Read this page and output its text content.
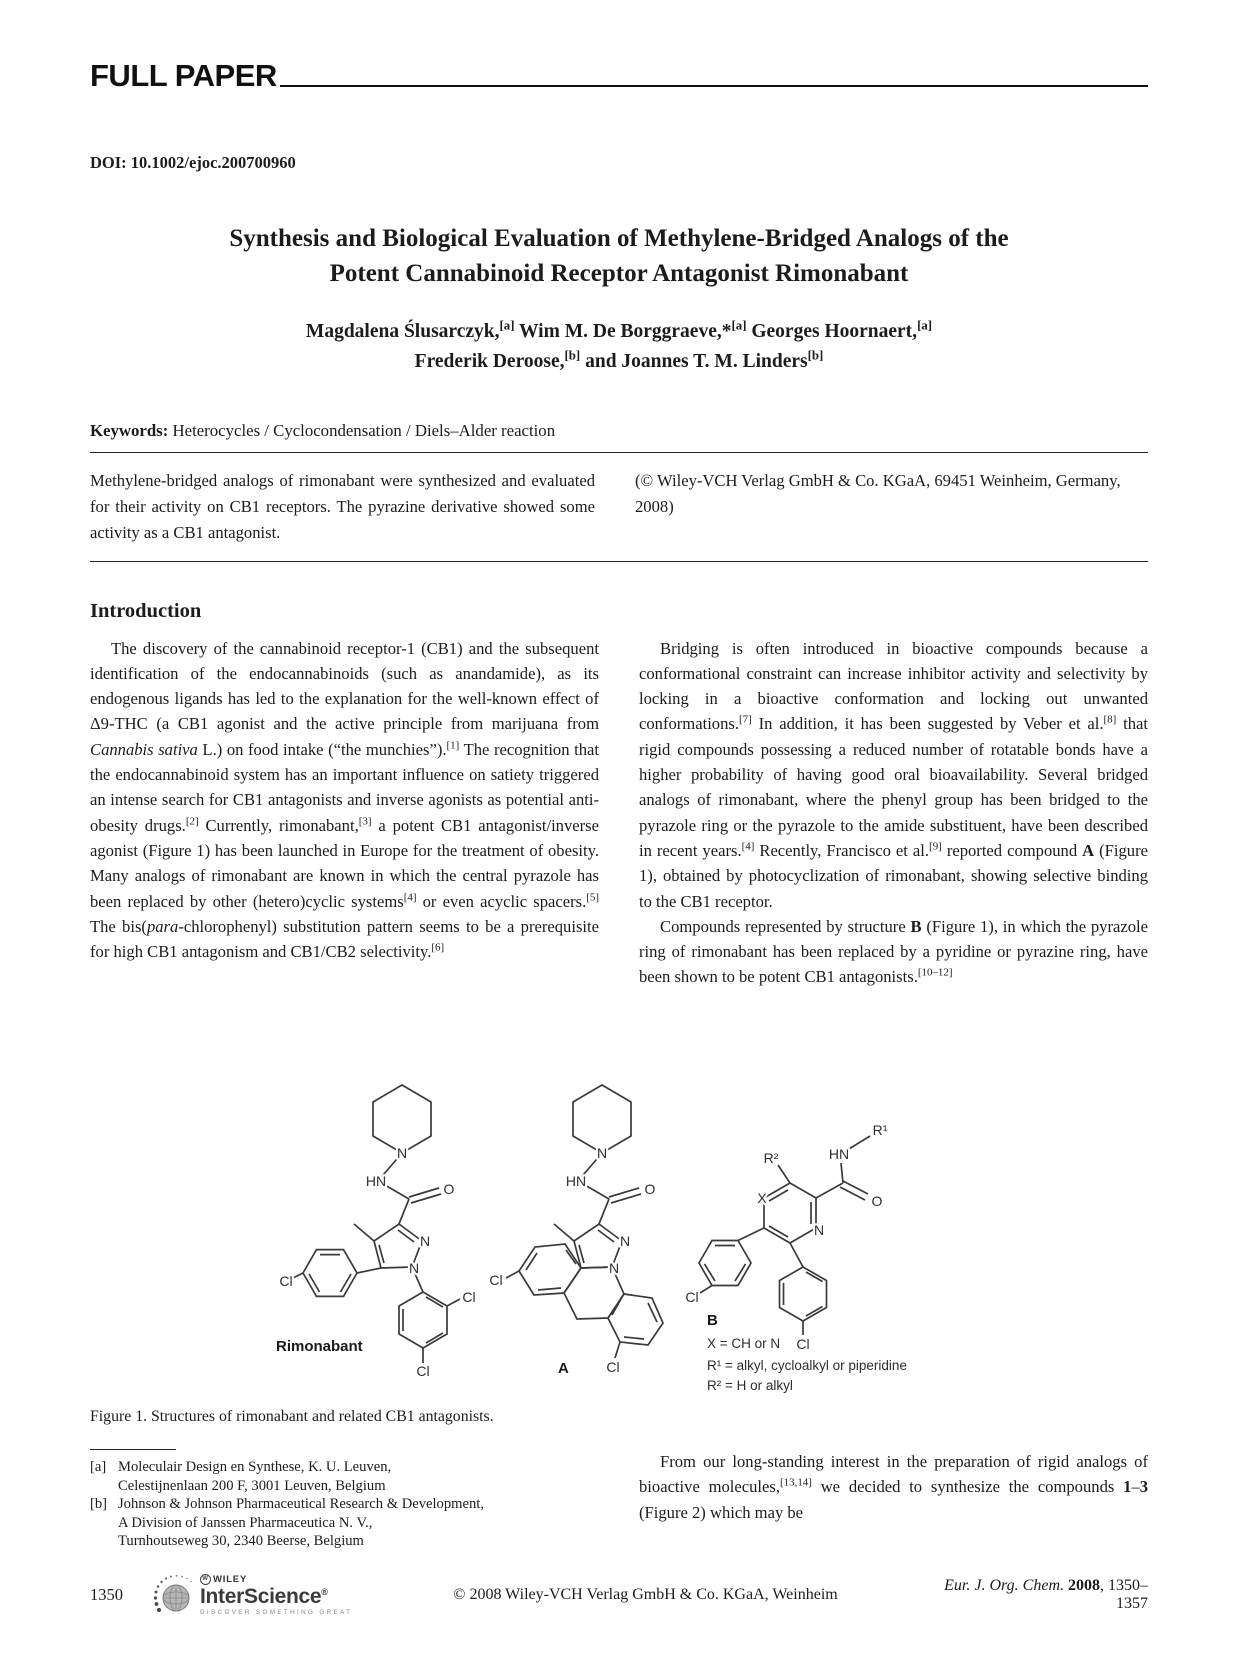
FULL PAPER
DOI: 10.1002/ejoc.200700960
Synthesis and Biological Evaluation of Methylene-Bridged Analogs of the
Potent Cannabinoid Receptor Antagonist Rimonabant
Magdalena Ślusarczyk,[a] Wim M. De Borggraeve,*[a] Georges Hoornaert,[a]
Frederik Deroose,[b] and Joannes T. M. Linders[b]
Keywords: Heterocycles / Cyclocondensation / Diels–Alder reaction
Methylene-bridged analogs of rimonabant were synthesized and evaluated for their activity on CB1 receptors. The pyrazine derivative showed some activity as a CB1 antagonist.
(© Wiley-VCH Verlag GmbH & Co. KGaA, 69451 Weinheim, Germany, 2008)
Introduction

The discovery of the cannabinoid receptor-1 (CB1) and the subsequent identification of the endocannabinoids (such as anandamide), as its endogenous ligands has led to the explanation for the well-known effect of Δ9-THC (a CB1 agonist and the active principle from marijuana from Cannabis sativa L.) on food intake (“the munchies”).[1] The recognition that the endocannabinoid system has an important influence on satiety triggered an intense search for CB1 antagonists and inverse agonists as potential anti-obesity drugs.[2] Currently, rimonabant,[3] a potent CB1 antagonist/inverse agonist (Figure 1) has been launched in Europe for the treatment of obesity. Many analogs of rimonabant are known in which the central pyrazole has been replaced by other (hetero)cyclic systems[4] or even acyclic spacers.[5] The bis(para-chlorophenyl) substitution pattern seems to be a prerequisite for high CB1 antagonism and CB1/CB2 selectivity.[6]

Bridging is often introduced in bioactive compounds because a conformational constraint can increase inhibitor activity and selectivity by locking in a bioactive conformation and locking out unwanted conformations.[7] In addition, it has been suggested by Veber et al.[8] that rigid compounds possessing a reduced number of rotatable bonds have a higher probability of having good oral bioavailability. Several bridged analogs of rimonabant, where the phenyl group has been bridged to the pyrazole ring or the pyrazole to the amide substituent, have been described in recent years.[4] Recently, Francisco et al.[9] reported compound A (Figure 1), obtained by photocyclization of rimonabant, showing selective binding to the CB1 receptor.

Compounds represented by structure B (Figure 1), in which the pyrazole ring of rimonabant has been replaced by a pyridine or pyrazine ring, have been shown to be potent CB1 antagonists.[10–12]

N
HN	O
N
N
Cl
Cl
Cl
Rimonabant
N
HN	O
N
N
Cl
Cl
A
R²	HN
R¹
O
X
N
Cl
Cl
B
X = CH or N
R¹ = alkyl, cycloalkyl or piperidine
R² = H or alkyl
Figure 1. Structures of rimonabant and related CB1 antagonists.
[a] Moleculair Design en Synthese, K. U. Leuven,
Celestijnenlaan 200 F, 3001 Leuven, Belgium
[b] Johnson & Johnson Pharmaceutical Research & Development,
A Division of Janssen Pharmaceutica N. V.,
Turnhoutseweg 30, 2340 Beerse, Belgium

From our long-standing interest in the preparation of rigid analogs of bioactive molecules,[13,14] we decided to synthesize the compounds 1–3 (Figure 2) which may be

1350
W WILEY
InterScience®
DISCOVER SOMETHING GREAT
© 2008 Wiley-VCH Verlag GmbH & Co. KGaA, Weinheim
Eur. J. Org. Chem. 2008, 1350–1357
